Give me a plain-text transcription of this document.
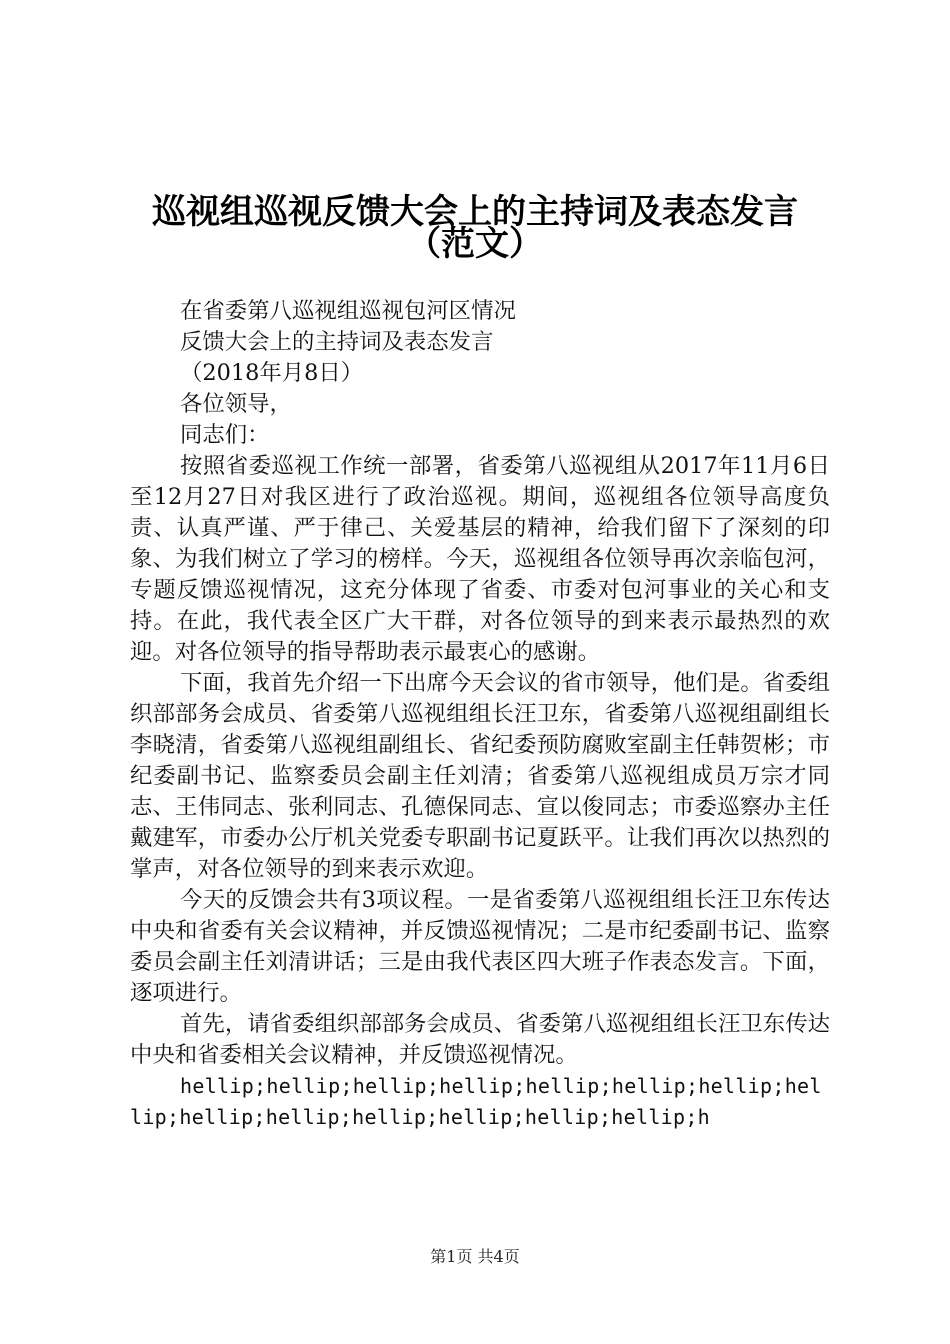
巡视组巡视反馈大会上的主持词及表态发言
（范文）
在省委第八巡视组巡视包河区情况
反馈大会上的主持词及表态发言
（2018年月8日）
各位领导，
同志们：

按照省委巡视工作统一部署，省委第八巡视组从2017年11月6日至12月27日对我区进行了政治巡视。期间，巡视组各位领导高度负责、认真严谨、严于律己、关爱基层的精神，给我们留下了深刻的印象、为我们树立了学习的榜样。今天，巡视组各位领导再次亲临包河，专题反馈巡视情况，这充分体现了省委、市委对包河事业的关心和支持。在此，我代表全区广大干群，对各位领导的到来表示最热烈的欢迎。对各位领导的指导帮助表示最衷心的感谢。

下面，我首先介绍一下出席今天会议的省市领导，他们是。省委组织部部务会成员、省委第八巡视组组长汪卫东，省委第八巡视组副组长李晓清，省委第八巡视组副组长、省纪委预防腐败室副主任韩贺彬；市纪委副书记、监察委员会副主任刘清；省委第八巡视组成员万宗才同志、王伟同志、张利同志、孔德保同志、宣以俊同志；市委巡察办主任戴建军，市委办公厅机关党委专职副书记夏跃平。让我们再次以热烈的掌声，对各位领导的到来表示欢迎。

今天的反馈会共有3项议程。一是省委第八巡视组组长汪卫东传达中央和省委有关会议精神，并反馈巡视情况；二是市纪委副书记、监察委员会副主任刘清讲话；三是由我代表区四大班子作表态发言。下面，逐项进行。

首先，请省委组织部部务会成员、省委第八巡视组组长汪卫东传达中央和省委相关会议精神，并反馈巡视情况。

hellip;hellip;hellip;hellip;hellip;hellip;hellip;hellip;hellip;hellip;hellip;hellip;hellip;hellip;h

第1页 共4页
